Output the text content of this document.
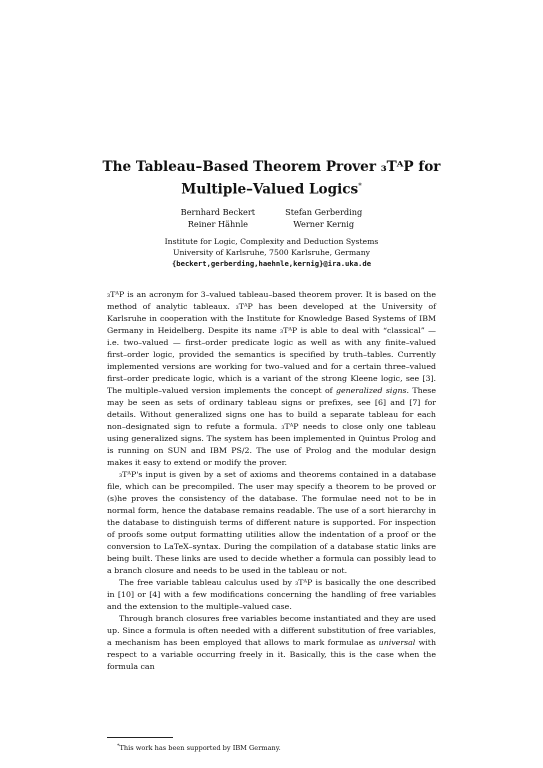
The Tableau–Based Theorem Prover ₃TᴬP for
Multiple–Valued Logics*
Bernhard Beckert
Reiner Hähnle
Stefan Gerberding
Werner Kernig
Institute for Logic, Complexity and Deduction Systems
University of Karlsruhe, 7500 Karlsruhe, Germany
{beckert,gerberding,haehnle,kernig}@ira.uka.de

₃TᴬP is an acronym for 3–valued tableau–based theorem prover. It is based on the method of analytic tableaux. ₃TᴬP has been developed at the University of Karlsruhe in cooperation with the Institute for Knowledge Based Systems of IBM Germany in Heidelberg. Despite its name ₃TᴬP is able to deal with “classical” — i.e. two–valued — first–order predicate logic as well as with any finite–valued first–order logic, provided the semantics is specified by truth–tables. Currently implemented versions are working for two–valued and for a certain three–valued first–order predicate logic, which is a variant of the strong Kleene logic, see [3]. The multiple–valued version implements the concept of generalized signs. These may be seen as sets of ordinary tableau signs or prefixes, see [6] and [7] for details. Without generalized signs one has to build a separate tableau for each non–designated sign to refute a formula. ₃TᴬP needs to close only one tableau using generalized signs. The system has been implemented in Quintus Prolog and is running on SUN and IBM PS/2. The use of Prolog and the modular design makes it easy to extend or modify the prover.

₃TᴬP's input is given by a set of axioms and theorems contained in a database file, which can be precompiled. The user may specify a theorem to be proved or (s)he proves the consistency of the database. The formulae need not to be in normal form, hence the database remains readable. The use of a sort hierarchy in the database to distinguish terms of different nature is supported. For inspection of proofs some output formatting utilities allow the indentation of a proof or the conversion to LaTeX–syntax. During the compilation of a database static links are being built. These links are used to decide whether a formula can possibly lead to a branch closure and needs to be used in the tableau or not.

The free variable tableau calculus used by ₃TᴬP is basically the one described in [10] or [4] with a few modifications concerning the handling of free variables and the extension to the multiple–valued case.

Through branch closures free variables become instantiated and they are used up. Since a formula is often needed with a different substitution of free variables, a mechanism has been employed that allows to mark formulae as universal with respect to a variable occurring freely in it. Basically, this is the case when the formula can

*This work has been supported by IBM Germany.
